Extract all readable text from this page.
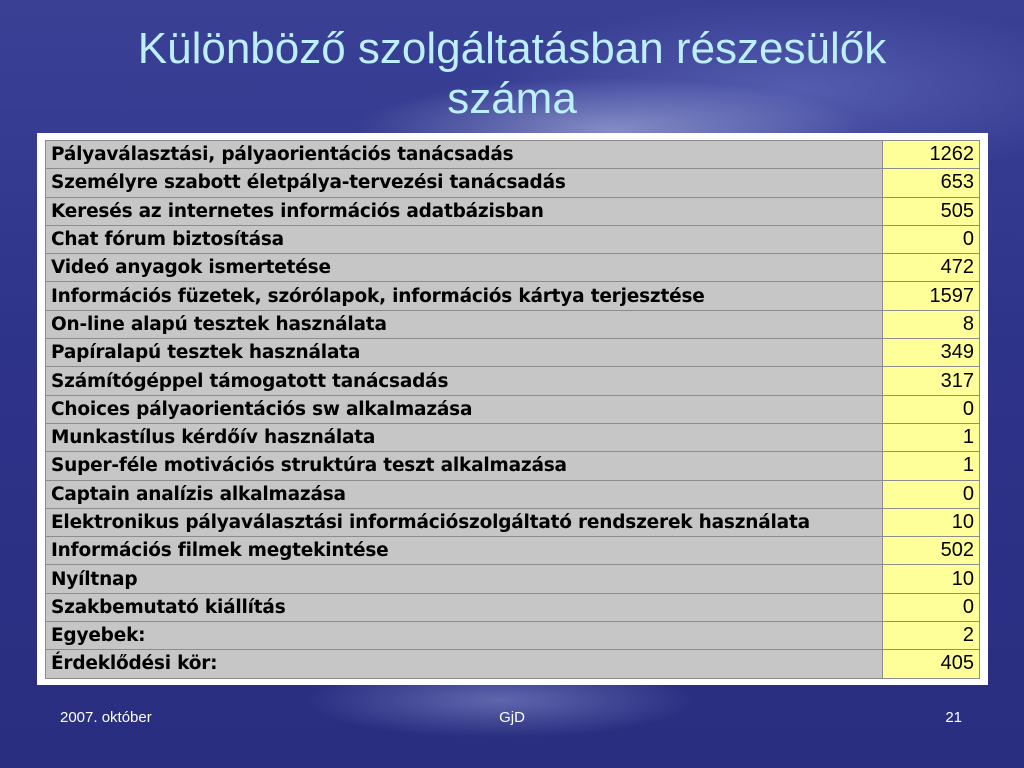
Különböző szolgáltatásban részesülők
száma
Pályaválasztási, pályaorientációs tanácsadás	1262
Személyre szabott életpálya-tervezési tanácsadás	653
Keresés az internetes információs adatbázisban	505
Chat fórum biztosítása	0
Videó anyagok ismertetése	472
Információs füzetek, szórólapok, információs kártya terjesztése	1597
On-line alapú tesztek használata	8
Papíralapú tesztek használata	349
Számítógéppel támogatott tanácsadás	317
Choices pályaorientációs sw alkalmazása	0
Munkastílus kérdőív használata	1
Super-féle motivációs struktúra teszt alkalmazása	1
Captain analízis alkalmazása	0
Elektronikus pályaválasztási információszolgáltató rendszerek használata	10
Információs filmek megtekintése	502
Nyíltnap	10
Szakbemutató kiállítás	0
Egyebek:	2
Érdeklődési kör:	405
2007. október	GjD	21
